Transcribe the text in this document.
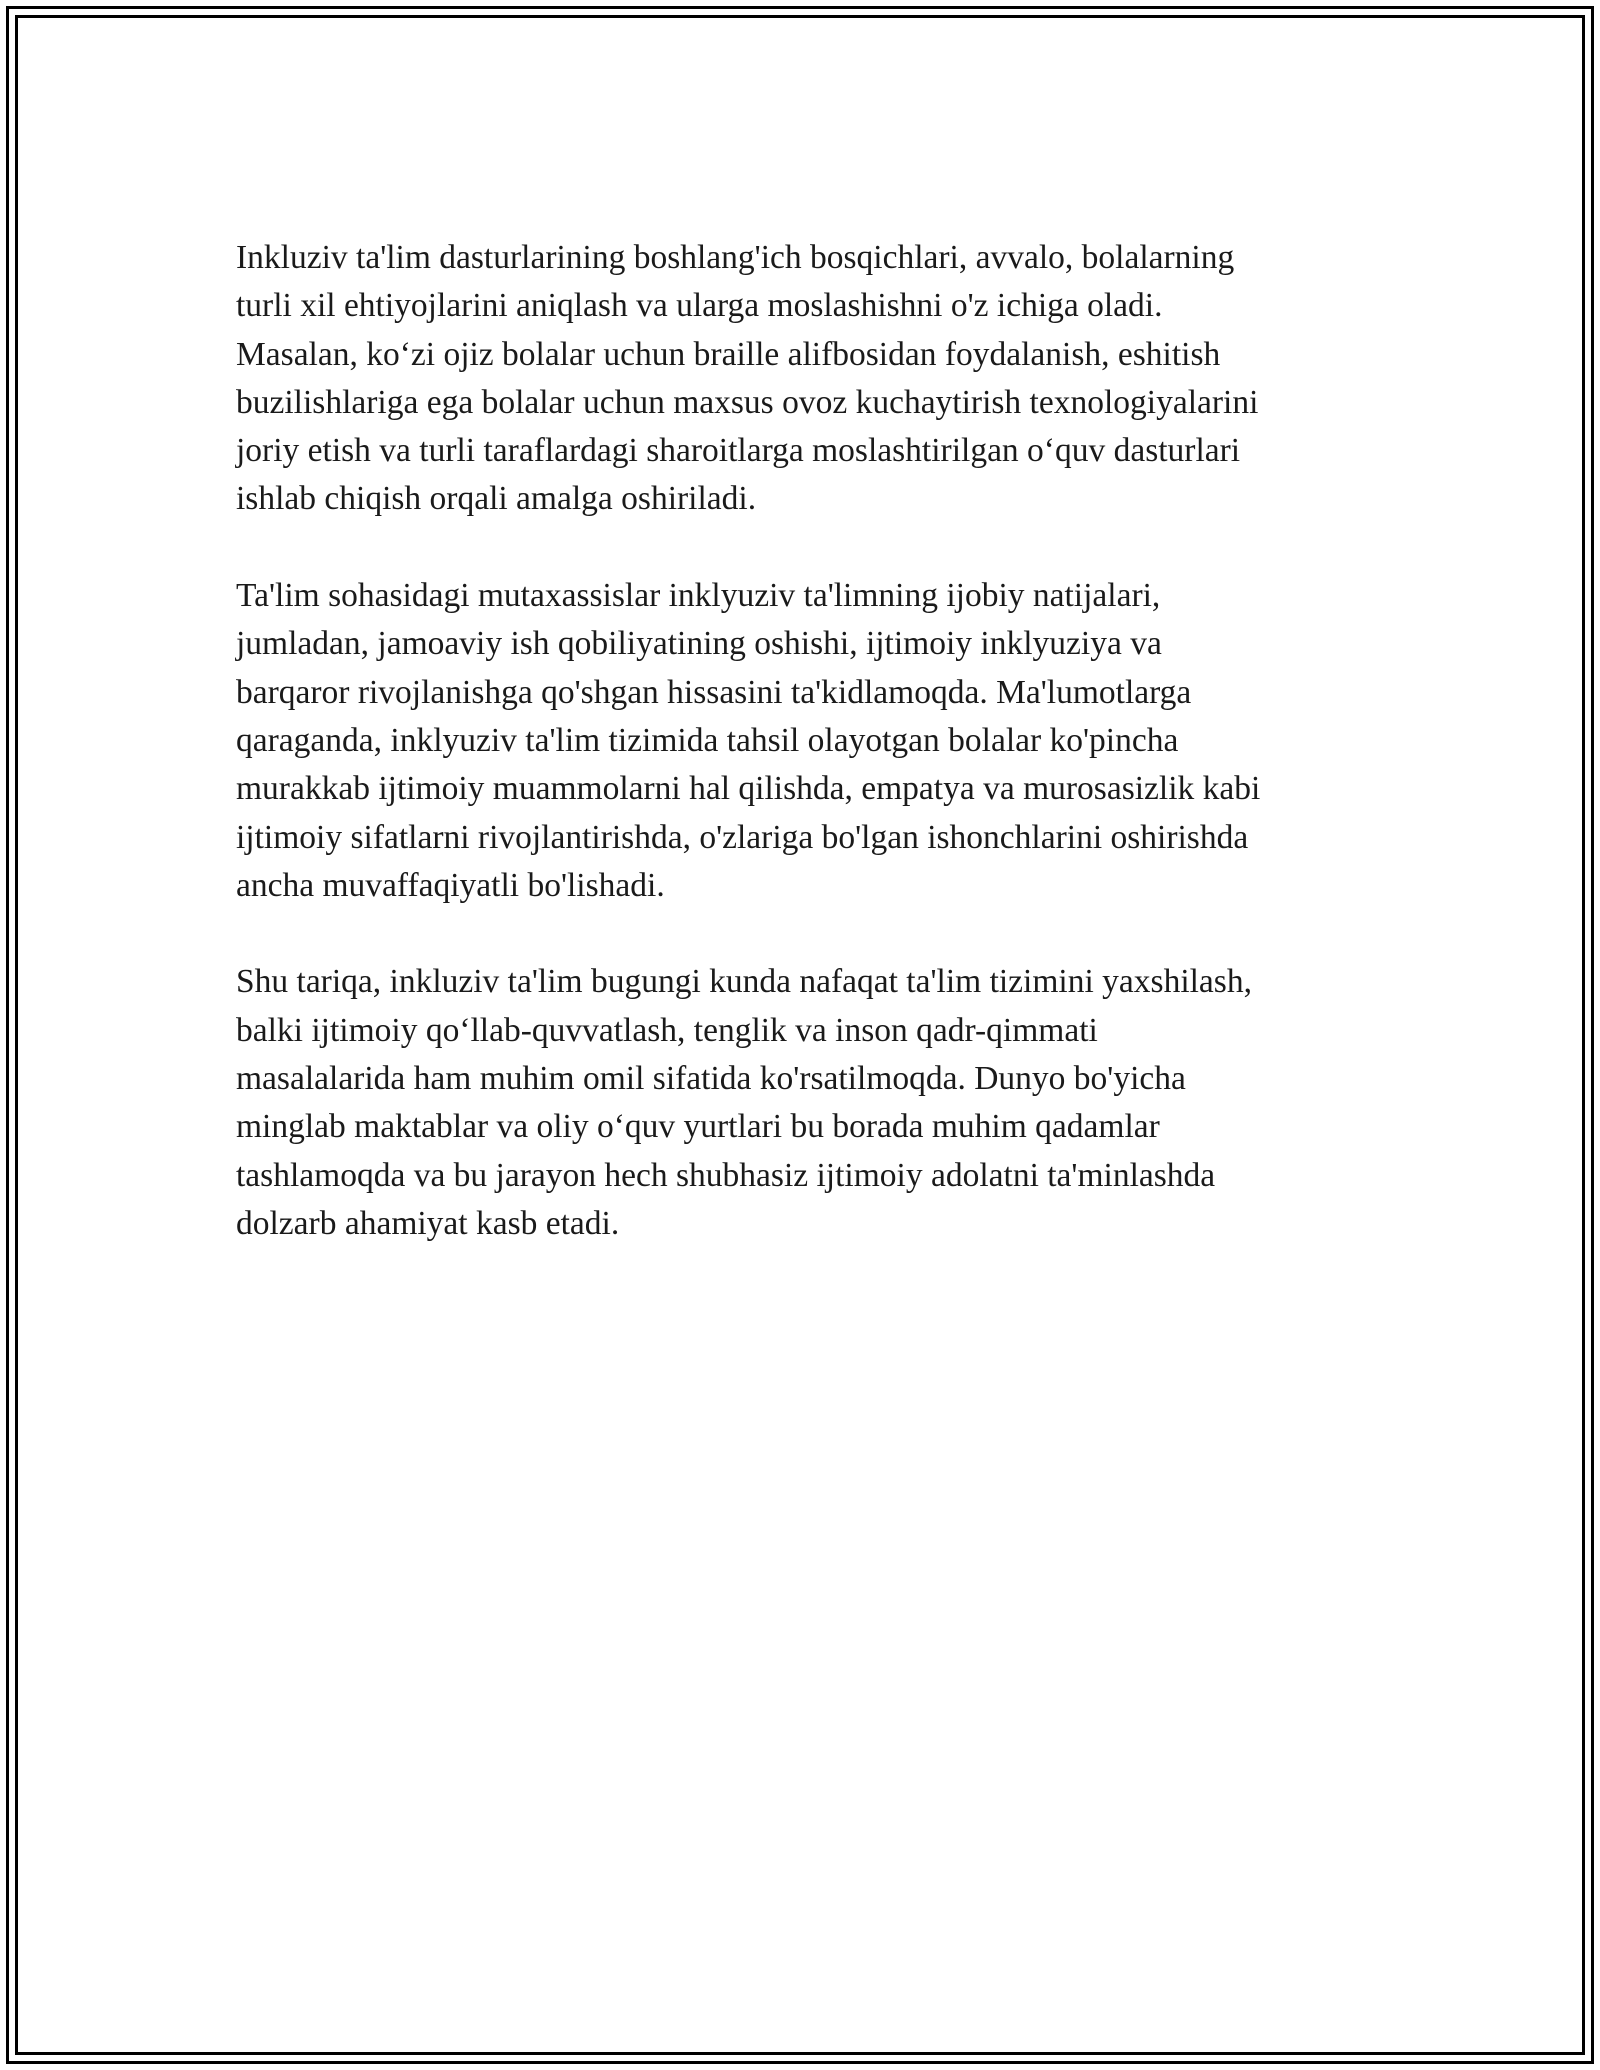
Inkluziv ta'lim dasturlarining boshlang'ich bosqichlari, avvalo, bolalarning
turli xil ehtiyojlarini aniqlash va ularga moslashishni o'z ichiga oladi.
Masalan, ko‘zi ojiz bolalar uchun braille alifbosidan foydalanish, eshitish
buzilishlariga ega bolalar uchun maxsus ovoz kuchaytirish texnologiyalarini
joriy etish va turli taraflardagi sharoitlarga moslashtirilgan o‘quv dasturlari
ishlab chiqish orqali amalga oshiriladi.

Ta'lim sohasidagi mutaxassislar inklyuziv ta'limning ijobiy natijalari,
jumladan, jamoaviy ish qobiliyatining oshishi, ijtimoiy inklyuziya va
barqaror rivojlanishga qo'shgan hissasini ta'kidlamoqda. Ma'lumotlarga
qaraganda, inklyuziv ta'lim tizimida tahsil olayotgan bolalar ko'pincha
murakkab ijtimoiy muammolarni hal qilishda, empatya va murosasizlik kabi
ijtimoiy sifatlarni rivojlantirishda, o'zlariga bo'lgan ishonchlarini oshirishda
ancha muvaffaqiyatli bo'lishadi.

Shu tariqa, inkluziv ta'lim bugungi kunda nafaqat ta'lim tizimini yaxshilash,
balki ijtimoiy qo‘llab-quvvatlash, tenglik va inson qadr-qimmati
masalalarida ham muhim omil sifatida ko'rsatilmoqda. Dunyo bo'yicha
minglab maktablar va oliy o‘quv yurtlari bu borada muhim qadamlar
tashlamoqda va bu jarayon hech shubhasiz ijtimoiy adolatni ta'minlashda
dolzarb ahamiyat kasb etadi.
